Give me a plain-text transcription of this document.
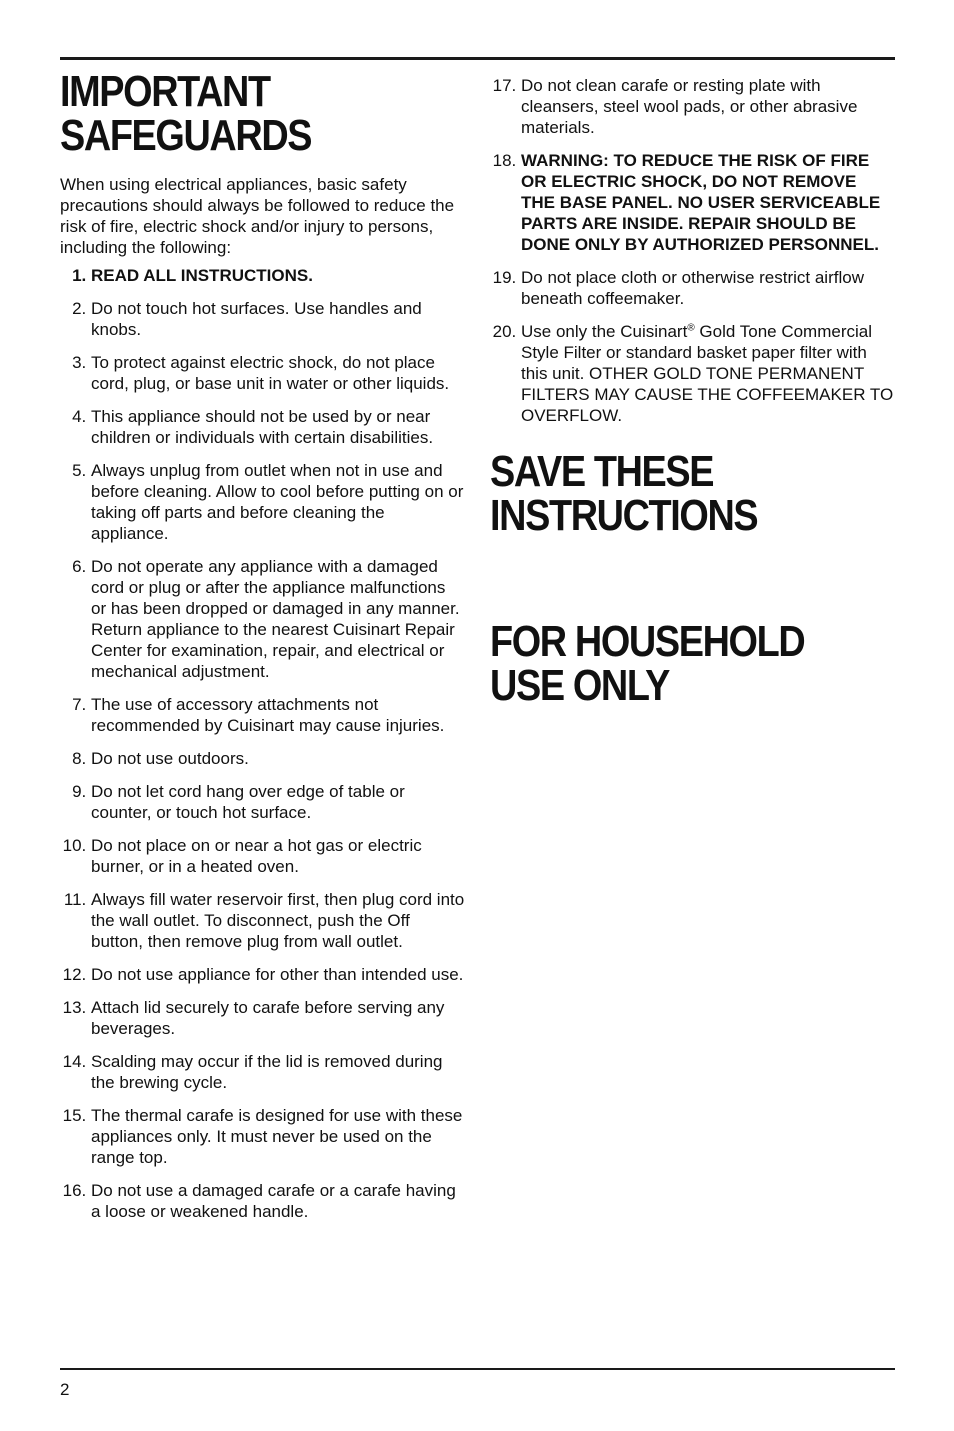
IMPORTANT
SAFEGUARDS

When using electrical appliances, basic safety precautions should always be followed to reduce the risk of fire, electric shock and/or injury to persons, including the following:

1. READ ALL INSTRUCTIONS.
2. Do not touch hot surfaces. Use handles and knobs.
3. To protect against electric shock, do not place cord, plug, or base unit in water or other liquids.
4. This appliance should not be used by or near children or individuals with certain disabilities.
5. Always unplug from outlet when not in use and before cleaning. Allow to cool before putting on or taking off parts and before cleaning the appliance.
6. Do not operate any appliance with a damaged cord or plug or after the appliance malfunctions or has been dropped or damaged in any manner. Return appliance to the nearest Cuisinart Repair Center for examination, repair, and electrical or mechanical adjustment.
7. The use of accessory attachments not recommended by Cuisinart may cause injuries.
8. Do not use outdoors.
9. Do not let cord hang over edge of table or counter, or touch hot surface.
10. Do not place on or near a hot gas or electric burner, or in a heated oven.
11. Always fill water reservoir first, then plug cord into the wall outlet. To disconnect, push the Off button, then remove plug from wall outlet.
12. Do not use appliance for other than intended use.
13. Attach lid securely to carafe before serving any beverages.
14. Scalding may occur if the lid is removed during the brewing cycle.
15. The thermal carafe is designed for use with these appliances only. It must never be used on the range top.
16. Do not use a damaged carafe or a carafe having a loose or weakened handle.
17. Do not clean carafe or resting plate with cleansers, steel wool pads, or other abrasive materials.
18. WARNING: TO REDUCE THE RISK OF FIRE OR ELECTRIC SHOCK, DO NOT REMOVE THE BASE PANEL. NO USER SERVICEABLE PARTS ARE INSIDE. REPAIR SHOULD BE DONE ONLY BY AUTHORIZED PERSONNEL.
19. Do not place cloth or otherwise restrict airflow beneath coffeemaker.
20. Use only the Cuisinart® Gold Tone Commercial Style Filter or standard basket paper filter with this unit. OTHER GOLD TONE PERMANENT FILTERS MAY CAUSE THE COFFEEMAKER TO OVERFLOW.
SAVE THESE
INSTRUCTIONS
FOR HOUSEHOLD
USE ONLY
2
